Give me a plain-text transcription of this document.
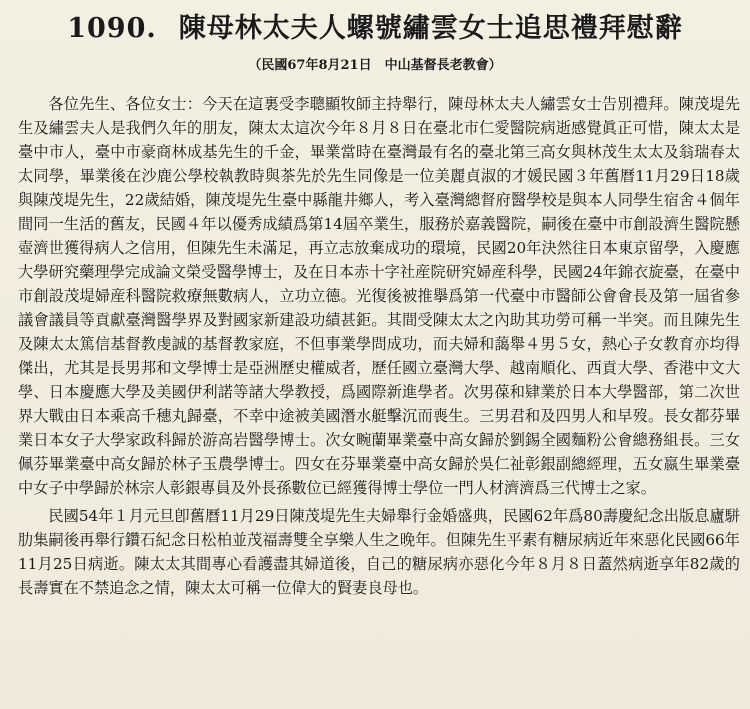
1090. 陳母林太夫人螺號繡雲女士追思禮拜慰辭
（民國67年8月21日　中山基督長老教會）

各位先生、各位女士：今天在這裏受李聰顯牧師主持舉行，陳母林太夫人繡雲女士告別禮拜。陳茂堤先生及繡雲夫人是我們久年的朋友，陳太太這次今年８月８日在臺北市仁愛醫院病逝感覺眞正可惜，陳太太是臺中市人，臺中市豪商林成基先生的千金，畢業當時在臺灣最有名的臺北第三高女與林茂生太太及翁瑞春太太同學，畢業後在沙鹿公學校執教時與茶先於先生同像是一位美麗貞淑的才媛民國３年舊曆11月29日18歲與陳茂堤先生，22歲結婚，陳茂堤先生臺中縣龍井鄉人，考入臺灣總督府醫學校是與本人同學生宿舍４個年間同一生活的舊友，民國４年以優秀成績爲第14屆卒業生，服務於嘉義醫院，嗣後在臺中市創設濟生醫院懸壺濟世獲得病人之信用，但陳先生未滿足，再立志放棄成功的環境，民國20年決然往日本東京留學，入慶應大學研究藥理學完成論文榮受醫學博士，及在日本赤十字社産院研究婦産科學，民國24年錦衣旋臺，在臺中市創設茂堤婦産科醫院救療無數病人，立功立德。光復後被推擧爲第一代臺中市醫師公會會長及第一屆省參議會議員等貢獻臺灣醫學界及對國家新建設功績甚鉅。其間受陳太太之內助其功勞可稱一半突。而且陳先生及陳太太篤信基督教虔誠的基督教家庭，不但事業學問成功，而夫婦和藹舉４男５女，熱心子女教育亦均得傑出，尤其是長男邦和文學博士是亞洲歷史權威者，歷任國立臺灣大學、越南順化、西貢大學、香港中文大學、日本慶應大學及美國伊利諾等諸大學教授，爲國際新進學者。次男葆和肄業於日本大學醫部，第二次世界大戰由日本乘高千穗丸歸臺，不幸中途被美國潛水艇擊沉而喪生。三男君和及四男人和早歿。長女都芬畢業日本女子大學家政科歸於游高岩醫學博士。次女畹蘭畢業臺中高女歸於劉錫全國麵粉公會總務組長。三女佩芬畢業臺中高女歸於林子玉農學博士。四女在芬畢業臺中高女歸於吳仁祉彰銀副總經理，五女嬴生畢業臺中女子中學歸於林宗人彰銀專員及外長孫數位已經獲得博士學位一門人材濟濟爲三代博士之家。

民國54年１月元旦卽舊曆11月29日陳茂堤先生夫婦舉行金婚盛典，民國62年爲80壽慶紀念出版息廬駢肋集嗣後再舉行鑽石紀念日松柏並茂福壽雙全享樂人生之晚年。但陳先生平素有糖尿病近年來惡化民國66年11月25日病逝。陳太太其間專心看護盡其婦道後，自己的糖尿病亦惡化今年８月８日蓋然病逝享年82歲的長壽實在不禁追念之情，陳太太可稱一位偉大的賢妻良母也。
